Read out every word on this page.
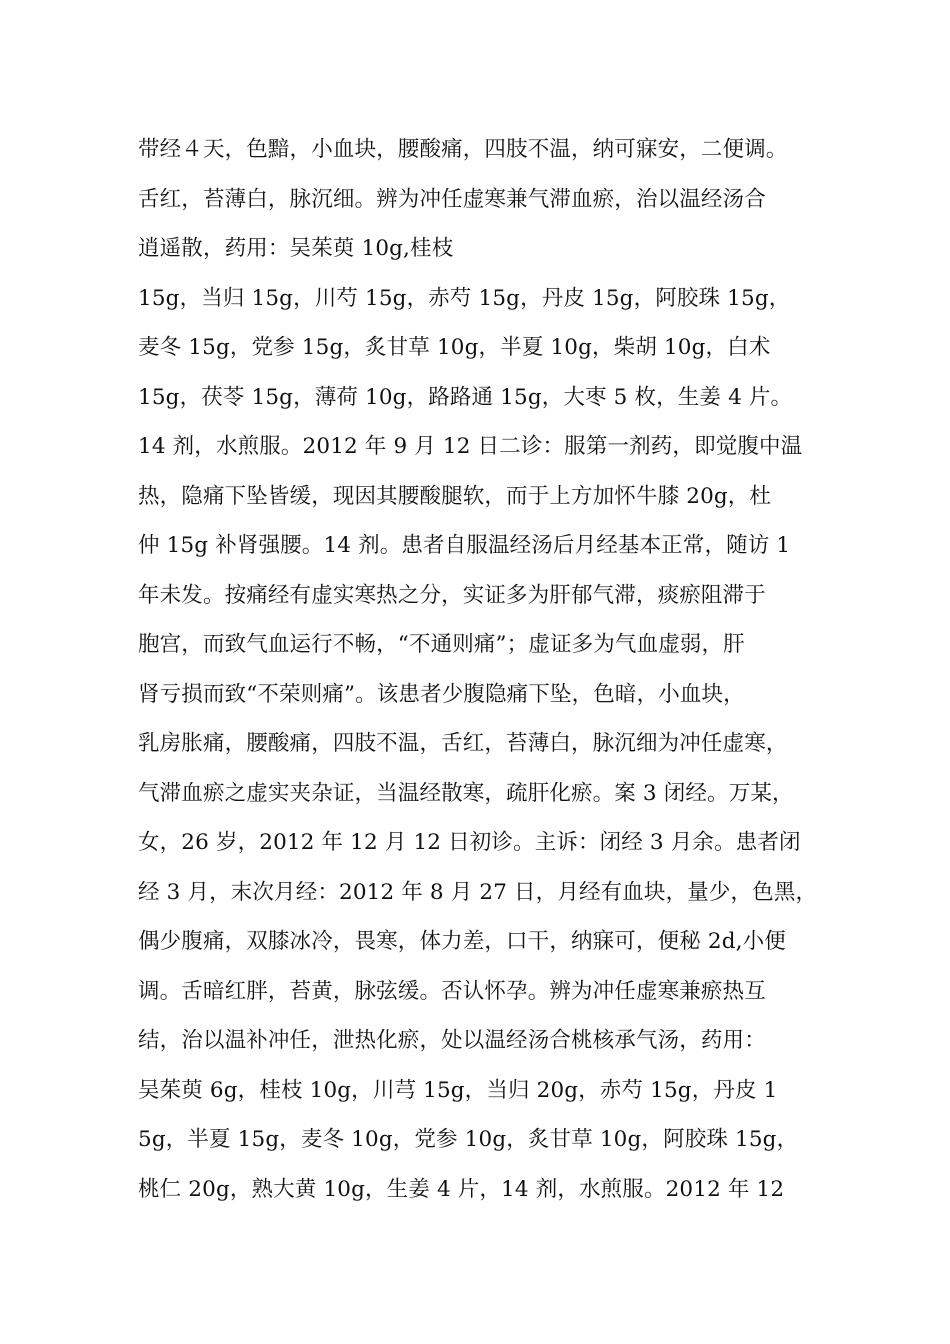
带经４天，色黯，小血块，腰酸痛，四肢不温，纳可寐安，二便调。
舌红，苔薄白，脉沉细。辨为冲任虚寒兼气滞血瘀，治以温经汤合
逍遥散，药用：吴茱萸 10g,桂枝
15g，当归 15g，川芍 15g，赤芍 15g，丹皮 15g，阿胶珠 15g，
麦冬 15g，党参 15g，炙甘草 10g，半夏 10g，柴胡 10g，白术
15g，茯苓 15g，薄荷 10g，路路通 15g，大枣 5 枚，生姜 4 片。
14 剂，水煎服。2012 年 9 月 12 日二诊：服第一剂药，即觉腹中温
热，隐痛下坠皆缓，现因其腰酸腿软，而于上方加怀牛膝 20g，杜
仲 15g 补肾强腰。14 剂。患者自服温经汤后月经基本正常，随访 1
年未发。按痛经有虚实寒热之分，实证多为肝郁气滞，痰瘀阻滞于
胞宫，而致气血运行不畅，“不通则痛”；虚证多为气血虚弱，肝
肾亏损而致“不荣则痛”。该患者少腹隐痛下坠，色暗，小血块，
乳房胀痛，腰酸痛，四肢不温，舌红，苔薄白，脉沉细为冲任虚寒，
气滞血瘀之虚实夹杂证，当温经散寒，疏肝化瘀。案 3 闭经。万某，
女，26 岁，2012 年 12 月 12 日初诊。主诉：闭经 3 月余。患者闭
经 3 月，末次月经：2012 年 8 月 27 日，月经有血块，量少，色黑，
偶少腹痛，双膝冰冷，畏寒，体力差，口干，纳寐可，便秘 2d,小便
调。舌暗红胖，苔黄，脉弦缓。否认怀孕。辨为冲任虚寒兼瘀热互
结，治以温补冲任，泄热化瘀，处以温经汤合桃核承气汤，药用：
吴茱萸 6g，桂枝 10g，川芎 15g，当归 20g，赤芍 15g，丹皮 1
5g，半夏 15g，麦冬 10g，党参 10g，炙甘草 10g，阿胶珠 15g，
桃仁 20g，熟大黄 10g，生姜 4 片，14 剂，水煎服。2012 年 12
